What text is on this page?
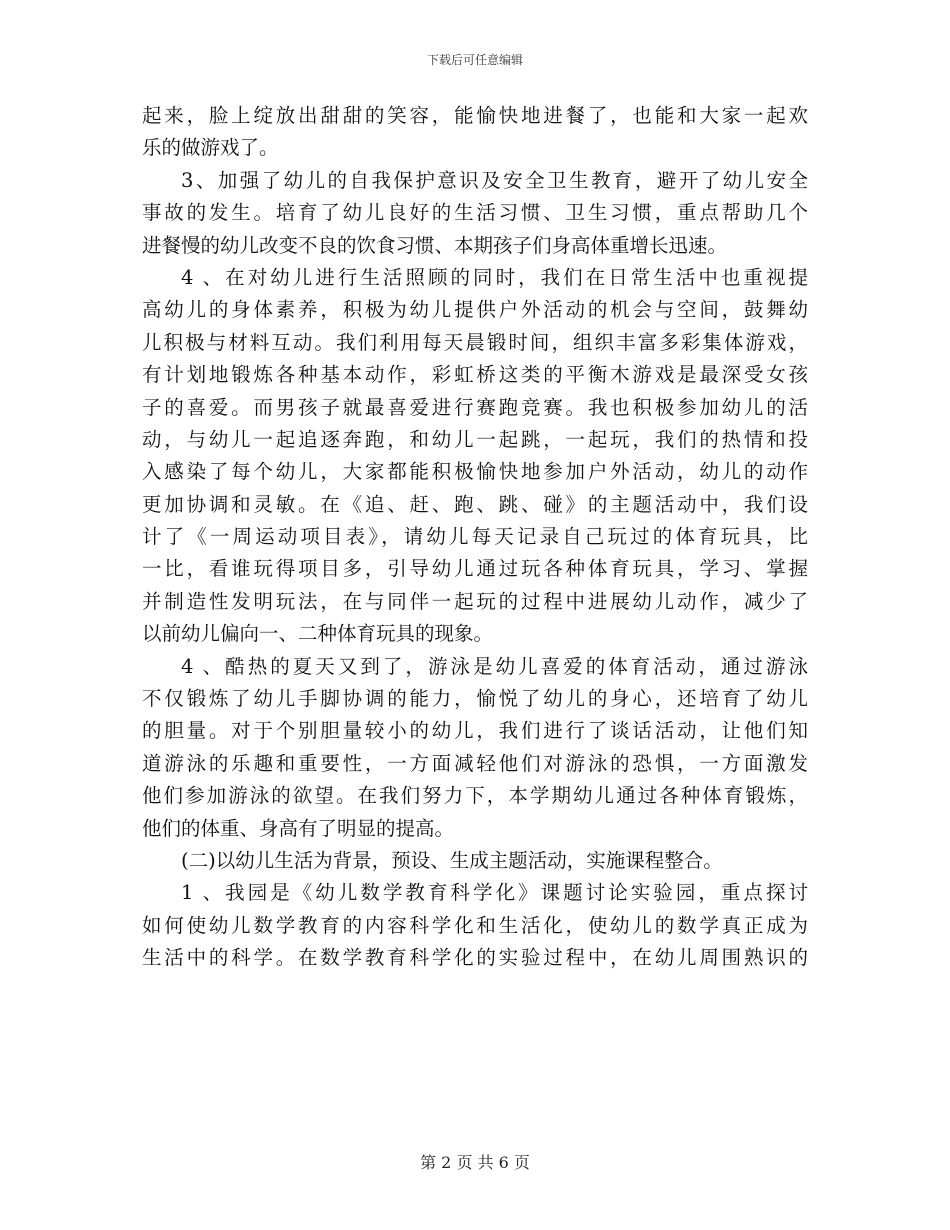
下载后可任意编辑
起来，脸上绽放出甜甜的笑容，能愉快地进餐了，也能和大家一起欢
乐的做游戏了。
3、加强了幼儿的自我保护意识及安全卫生教育，避开了幼儿安全
事故的发生。培育了幼儿良好的生活习惯、卫生习惯，重点帮助几个
进餐慢的幼儿改变不良的饮食习惯、本期孩子们身高体重增长迅速。
4 、在对幼儿进行生活照顾的同时，我们在日常生活中也重视提
高幼儿的身体素养，积极为幼儿提供户外活动的机会与空间，鼓舞幼
儿积极与材料互动。我们利用每天晨锻时间，组织丰富多彩集体游戏，
有计划地锻炼各种基本动作，彩虹桥这类的平衡木游戏是最深受女孩
子的喜爱。而男孩子就最喜爱进行赛跑竞赛。我也积极参加幼儿的活
动，与幼儿一起追逐奔跑，和幼儿一起跳，一起玩，我们的热情和投
入感染了每个幼儿，大家都能积极愉快地参加户外活动，幼儿的动作
更加协调和灵敏。在《追、赶、跑、跳、碰》的主题活动中，我们设
计了《一周运动项目表》，请幼儿每天记录自己玩过的体育玩具，比
一比，看谁玩得项目多，引导幼儿通过玩各种体育玩具，学习、掌握
并制造性发明玩法，在与同伴一起玩的过程中进展幼儿动作，减少了
以前幼儿偏向一、二种体育玩具的现象。
4 、酷热的夏天又到了，游泳是幼儿喜爱的体育活动，通过游泳
不仅锻炼了幼儿手脚协调的能力，愉悦了幼儿的身心，还培育了幼儿
的胆量。对于个别胆量较小的幼儿，我们进行了谈话活动，让他们知
道游泳的乐趣和重要性，一方面减轻他们对游泳的恐惧，一方面激发
他们参加游泳的欲望。在我们努力下，本学期幼儿通过各种体育锻炼，
他们的体重、身高有了明显的提高。
(二)以幼儿生活为背景，预设、生成主题活动，实施课程整合。
1 、我园是《幼儿数学教育科学化》课题讨论实验园，重点探讨
如何使幼儿数学教育的内容科学化和生活化，使幼儿的数学真正成为
生活中的科学。在数学教育科学化的实验过程中，在幼儿周围熟识的
第 2 页 共 6 页
